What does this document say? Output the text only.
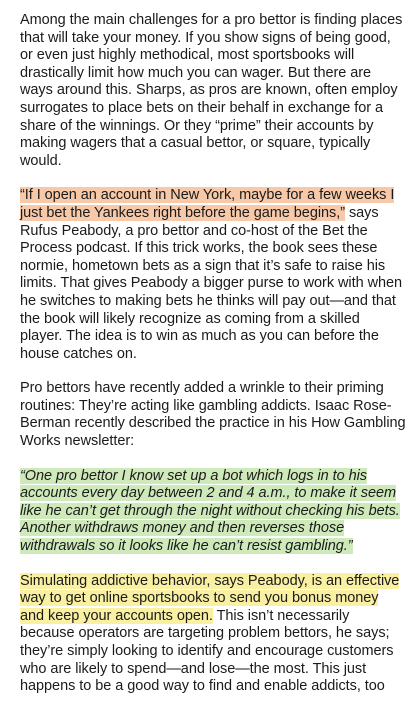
Among the main challenges for a pro bettor is finding places that will take your money. If you show signs of being good, or even just highly methodical, most sportsbooks will drastically limit how much you can wager. But there are ways around this. Sharps, as pros are known, often employ surrogates to place bets on their behalf in exchange for a share of the winnings. Or they “prime” their accounts by making wagers that a casual bettor, or square, typically would.

“If I open an account in New York, maybe for a few weeks I just bet the Yankees right before the game begins,” says Rufus Peabody, a pro bettor and co-host of the Bet the Process podcast. If this trick works, the book sees these normie, hometown bets as a sign that it’s safe to raise his limits. That gives Peabody a bigger purse to work with when he switches to making bets he thinks will pay out—and that the book will likely recognize as coming from a skilled player. The idea is to win as much as you can before the house catches on.

Pro bettors have recently added a wrinkle to their priming routines: They’re acting like gambling addicts. Isaac Rose-Berman recently described the practice in his How Gambling Works newsletter:

“One pro bettor I know set up a bot which logs in to his accounts every day between 2 and 4 a.m., to make it seem like he can’t get through the night without checking his bets. Another withdraws money and then reverses those withdrawals so it looks like he can’t resist gambling.”

Simulating addictive behavior, says Peabody, is an effective way to get online sportsbooks to send you bonus money and keep your accounts open. This isn’t necessarily because operators are targeting problem bettors, he says; they’re simply looking to identify and encourage customers who are likely to spend—and lose—the most. This just happens to be a good way to find and enable addicts, too
